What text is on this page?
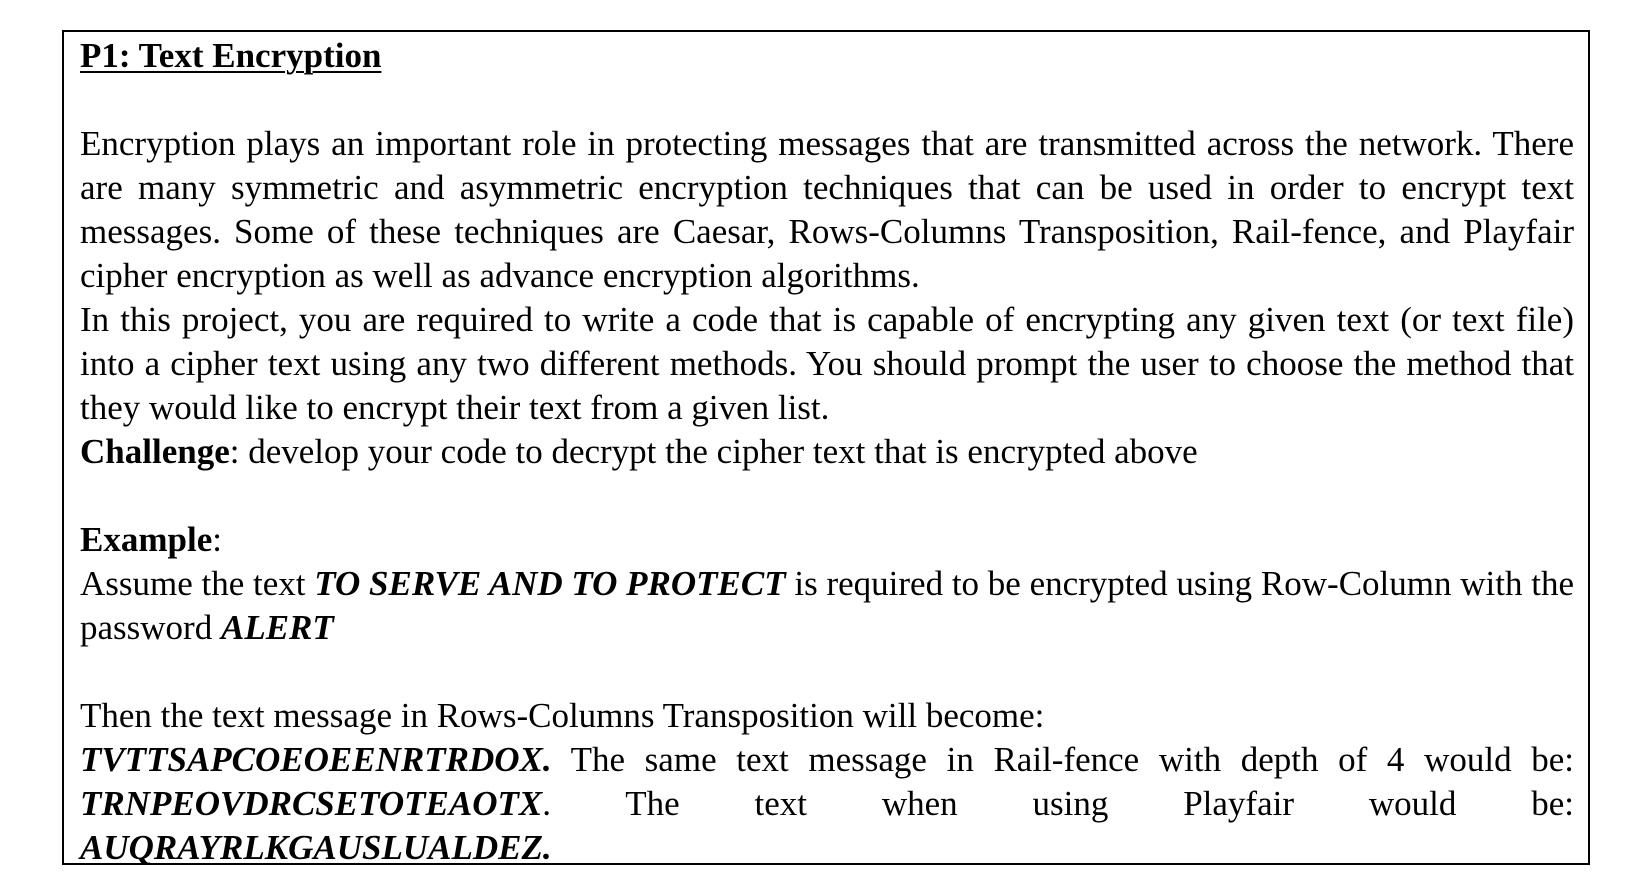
P1: Text Encryption

Encryption plays an important role in protecting messages that are transmitted across the network. There are many symmetric and asymmetric encryption techniques that can be used in order to encrypt text messages. Some of these techniques are Caesar, Rows-Columns Transposition, Rail-fence, and Playfair cipher encryption as well as advance encryption algorithms.

In this project, you are required to write a code that is capable of encrypting any given text (or text file) into a cipher text using any two different methods. You should prompt the user to choose the method that they would like to encrypt their text from a given list.

Challenge: develop your code to decrypt the cipher text that is encrypted above

Example:

Assume the text TO SERVE AND TO PROTECT is required to be encrypted using Row-Column with the password ALERT

Then the text message in Rows-Columns Transposition will become:

TVTTSAPCOEOEENRTRDOX. The same text message in Rail-fence with depth of 4 would be: TRNPEOVDRCSETOTEAOTX. The text when using Playfair would be: AUQRAYRLKGAUSLUALDEZ.
